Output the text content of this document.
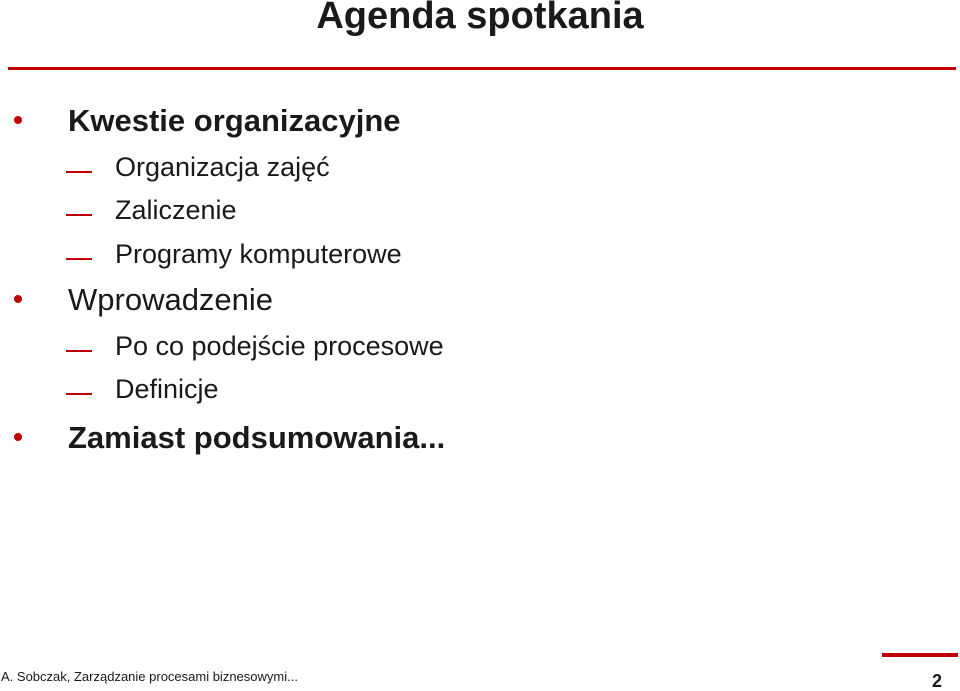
Agenda spotkania
Kwestie organizacyjne
Organizacja zajęć
Zaliczenie
Programy komputerowe
Wprowadzenie
Po co podejście procesowe
Definicje
Zamiast podsumowania...
A. Sobczak, Zarządzanie procesami biznesowymi...	2
